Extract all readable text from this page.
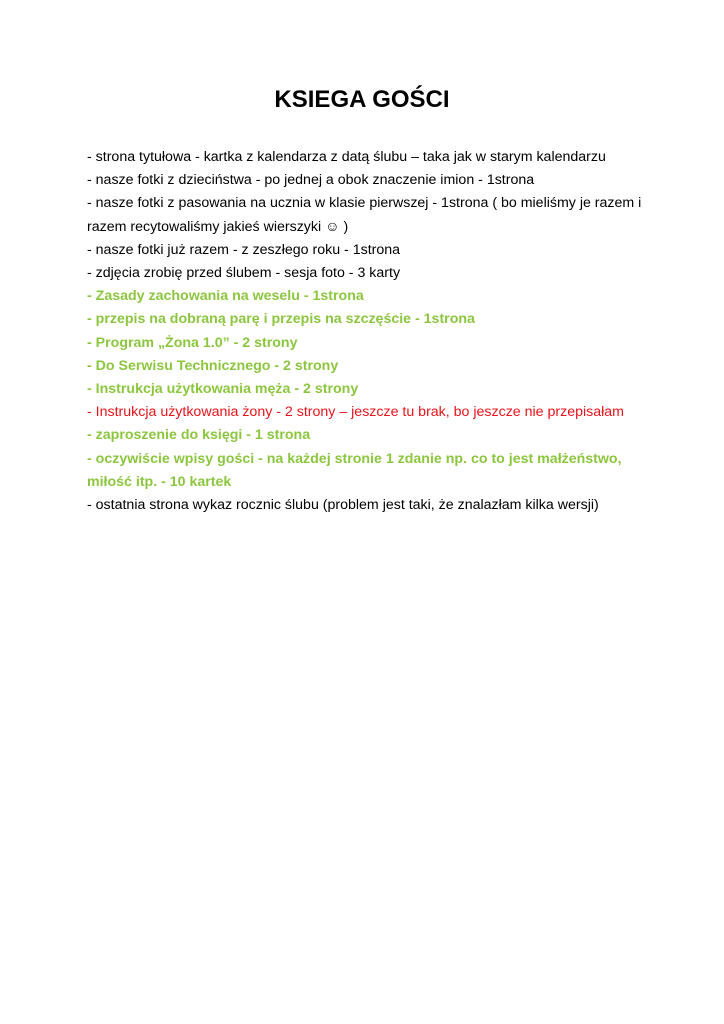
KSIEGA GOŚCI
- strona tytułowa - kartka z kalendarza z datą ślubu – taka jak w starym kalendarzu
- nasze fotki z dzieciństwa - po jednej a obok znaczenie imion - 1strona
- nasze fotki z pasowania na ucznia w klasie pierwszej - 1strona ( bo mieliśmy je razem i razem recytowaliśmy jakieś wierszyki ☺ )
- nasze fotki już razem - z zeszłego roku - 1strona
- zdjęcia zrobię przed ślubem - sesja foto - 3 karty
- Zasady zachowania na weselu - 1strona
- przepis na dobraną parę i przepis na szczęście - 1strona
- Program „Żona 1.0” - 2 strony
- Do Serwisu Technicznego - 2 strony
- Instrukcja użytkowania męża - 2 strony
- Instrukcja użytkowania żony - 2 strony – jeszcze tu brak, bo jeszcze nie przepisałam
- zaproszenie do księgi - 1 strona
- oczywiście wpisy gości - na każdej stronie 1 zdanie np. co to jest małżeństwo, miłość itp. - 10 kartek
- ostatnia strona wykaz rocznic ślubu (problem jest taki, że znalazłam kilka wersji)
